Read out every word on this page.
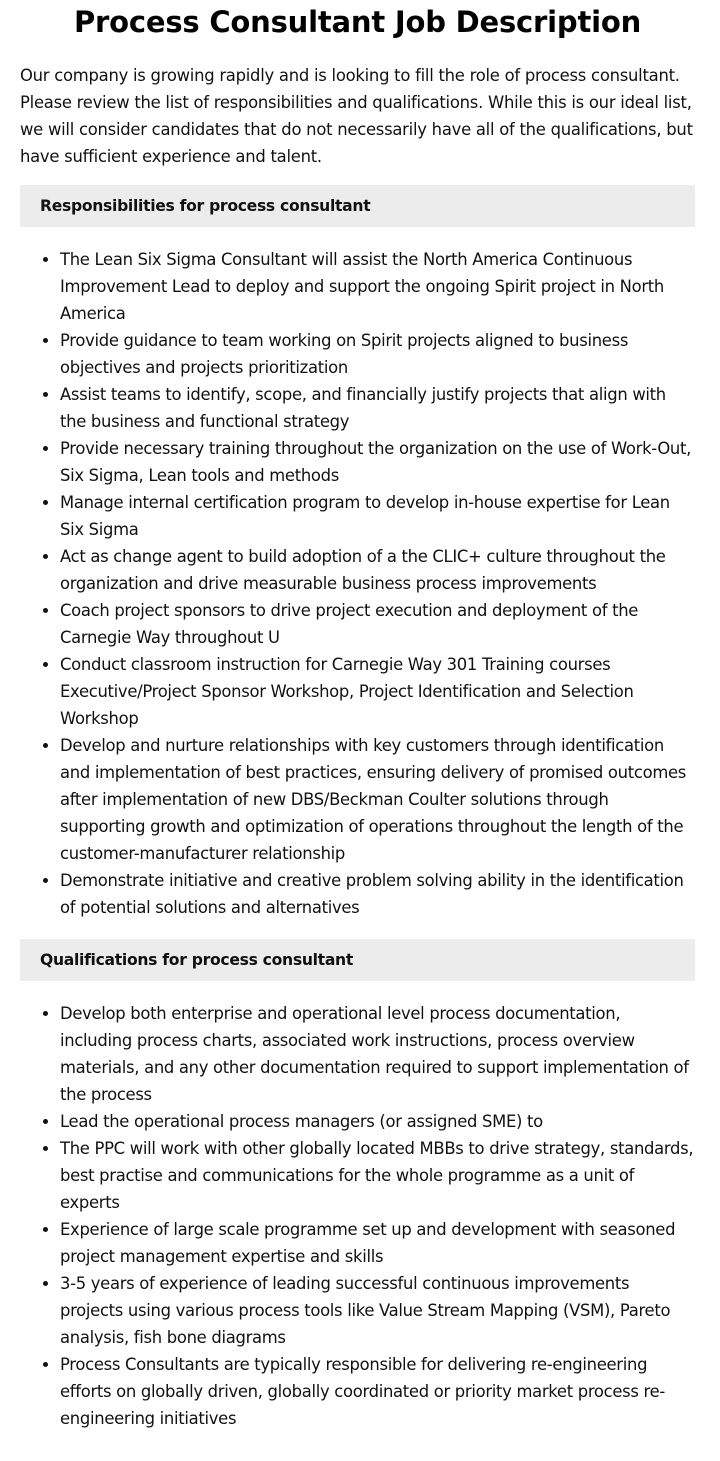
Process Consultant Job Description

Our company is growing rapidly and is looking to fill the role of process consultant. Please review the list of responsibilities and qualifications. While this is our ideal list, we will consider candidates that do not necessarily have all of the qualifications, but have sufficient experience and talent.

Responsibilities for process consultant
• The Lean Six Sigma Consultant will assist the North America Continuous Improvement Lead to deploy and support the ongoing Spirit project in North America
• Provide guidance to team working on Spirit projects aligned to business objectives and projects prioritization
• Assist teams to identify, scope, and financially justify projects that align with the business and functional strategy
• Provide necessary training throughout the organization on the use of Work-Out, Six Sigma, Lean tools and methods
• Manage internal certification program to develop in-house expertise for Lean Six Sigma
• Act as change agent to build adoption of a the CLIC+ culture throughout the organization and drive measurable business process improvements
• Coach project sponsors to drive project execution and deployment of the Carnegie Way throughout U
• Conduct classroom instruction for Carnegie Way 301 Training courses Executive/Project Sponsor Workshop, Project Identification and Selection Workshop
• Develop and nurture relationships with key customers through identification and implementation of best practices, ensuring delivery of promised outcomes after implementation of new DBS/Beckman Coulter solutions through supporting growth and optimization of operations throughout the length of the customer-manufacturer relationship
• Demonstrate initiative and creative problem solving ability in the identification of potential solutions and alternatives
Qualifications for process consultant
• Develop both enterprise and operational level process documentation, including process charts, associated work instructions, process overview materials, and any other documentation required to support implementation of the process
• Lead the operational process managers (or assigned SME) to
• The PPC will work with other globally located MBBs to drive strategy, standards, best practise and communications for the whole programme as a unit of experts
• Experience of large scale programme set up and development with seasoned project management expertise and skills
• 3-5 years of experience of leading successful continuous improvements projects using various process tools like Value Stream Mapping (VSM), Pareto analysis, fish bone diagrams
• Process Consultants are typically responsible for delivering re-engineering efforts on globally driven, globally coordinated or priority market process re-engineering initiatives
